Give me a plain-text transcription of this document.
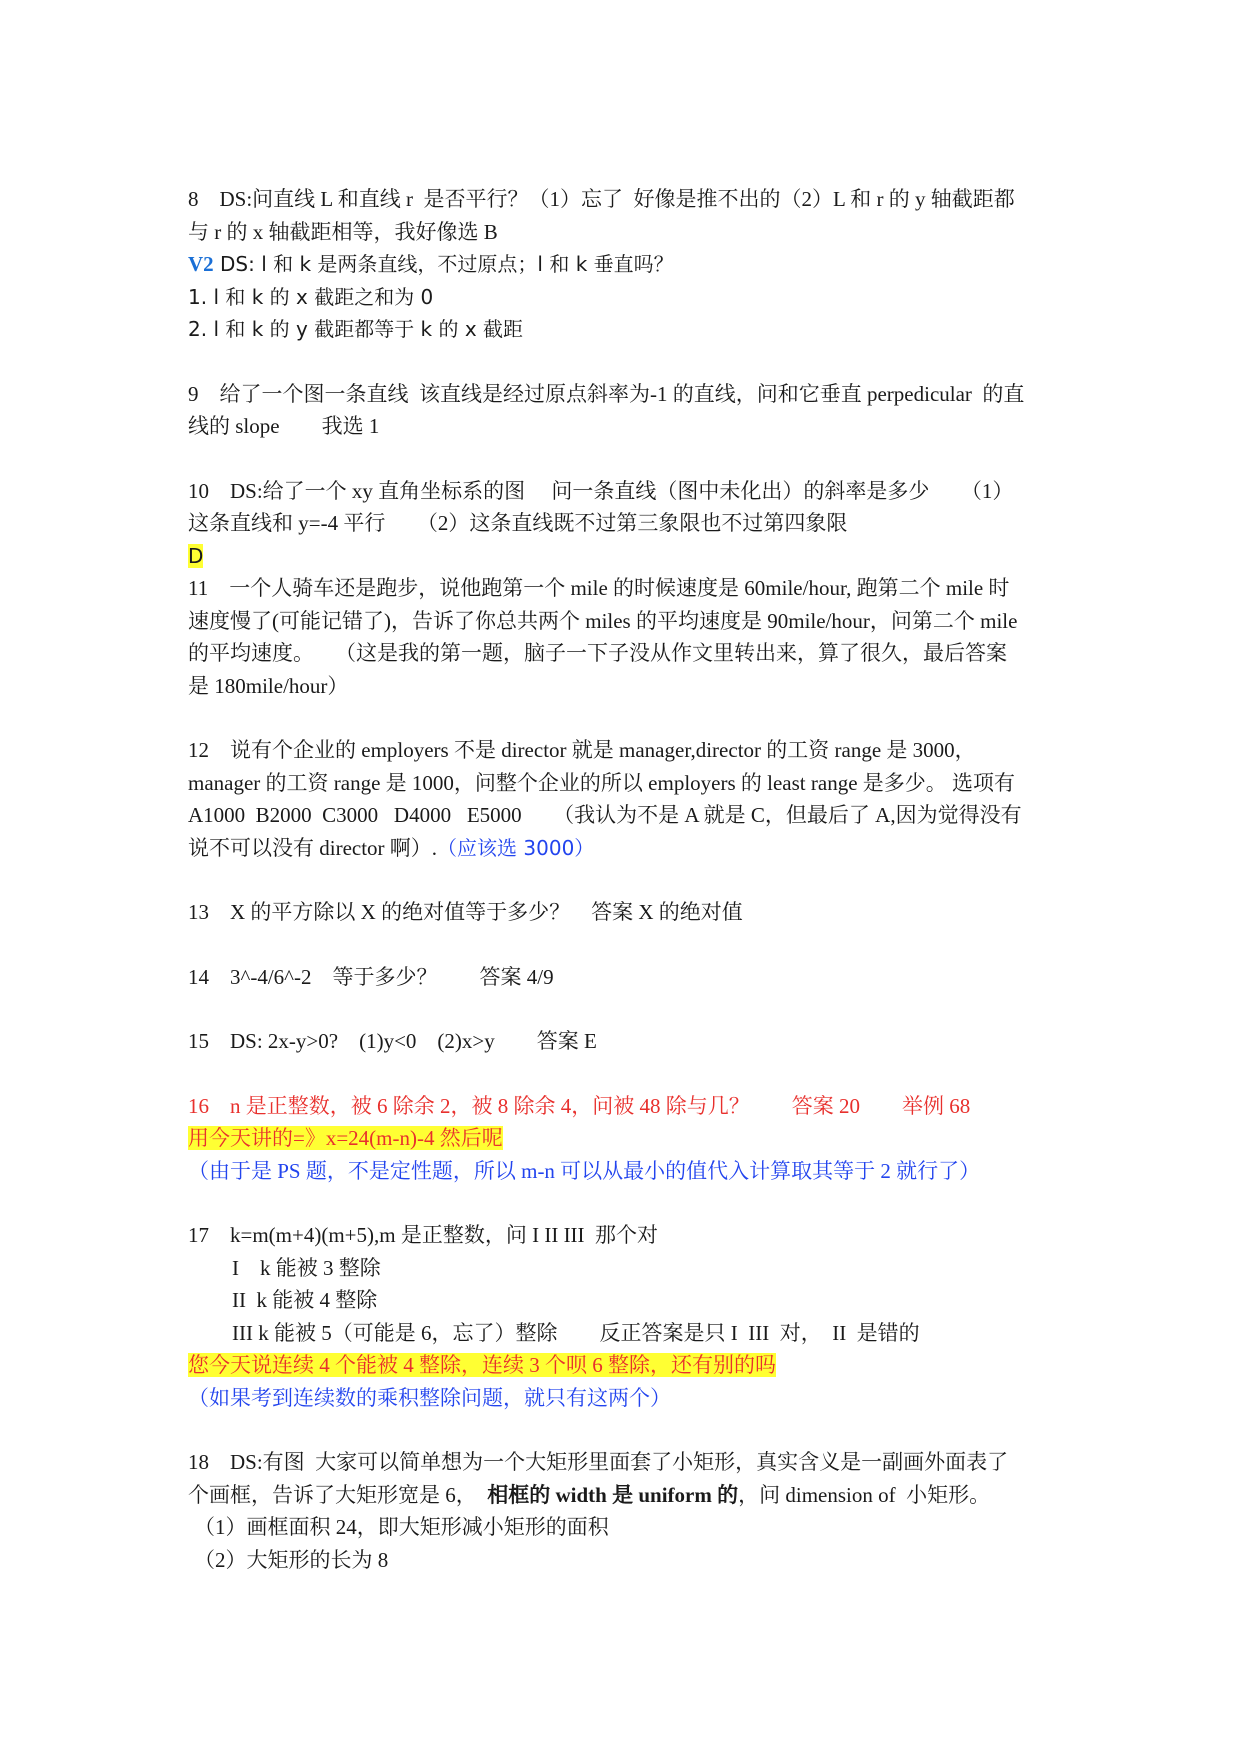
8　DS:问直线 L 和直线 r  是否平行？（1）忘了  好像是推不出的（2）L 和 r 的 y 轴截距都

与 r 的 x 轴截距相等，我好像选 B

V2 DS: l 和 k 是两条直线，不过原点；l 和 k 垂直吗？

1. l 和 k 的 x 截距之和为 0

2. l 和 k 的 y 截距都等于 k 的 x 截距

9　给了一个图一条直线  该直线是经过原点斜率为-1 的直线，问和它垂直 perpedicular  的直

线的 slope　　我选 1

10　DS:给了一个 xy 直角坐标系的图　 问一条直线（图中未化出）的斜率是多少　　（1）

这条直线和 y=-4 平行　　（2）这条直线既不过第三象限也不过第四象限

D

11　一个人骑车还是跑步，说他跑第一个 mile 的时候速度是 60mile/hour, 跑第二个 mile 时

速度慢了(可能记错了)，告诉了你总共两个 miles 的平均速度是 90mile/hour，问第二个 mile

的平均速度。　　（这是我的第一题，脑子一下子没从作文里转出来，算了很久，最后答案

是 180mile/hour）

12　说有个企业的 employers 不是 director 就是 manager,director 的工资 range 是 3000，

manager 的工资 range 是 1000，问整个企业的所以 employers 的 least range 是多少。 选项有

A1000  B2000  C3000   D4000   E5000　  （我认为不是 A 就是 C，但最后了 A,因为觉得没有

说不可以没有 director 啊）.（应该选 3000）

13　X 的平方除以 X 的绝对值等于多少？　答案 X 的绝对值

14　3^-4/6^-2　等于多少？　　答案 4/9

15　DS: 2x-y>0?　(1)y<0　(2)x>y　　答案 E

16　n 是正整数，被 6 除余 2，被 8 除余 4，问被 48 除与几？　　答案 20　　举例 68

用今天讲的=》x=24(m-n)-4 然后呢

（由于是 PS 题，不是定性题，所以 m-n 可以从最小的值代入计算取其等于 2 就行了）

17　k=m(m+4)(m+5),m 是正整数，问 I II III  那个对

I　k 能被 3 整除

II  k 能被 4 整除

III k 能被 5（可能是 6，忘了）整除　　反正答案是只 I  III  对，  II  是错的

您今天说连续 4 个能被 4 整除，连续 3 个呗 6 整除，还有别的吗

（如果考到连续数的乘积整除问题，就只有这两个）

18　DS:有图  大家可以简单想为一个大矩形里面套了小矩形，真实含义是一副画外面表了

个画框，告诉了大矩形宽是 6，  相框的 width 是 uniform 的，问 dimension of  小矩形。

（1）画框面积 24，即大矩形减小矩形的面积

（2）大矩形的长为 8
